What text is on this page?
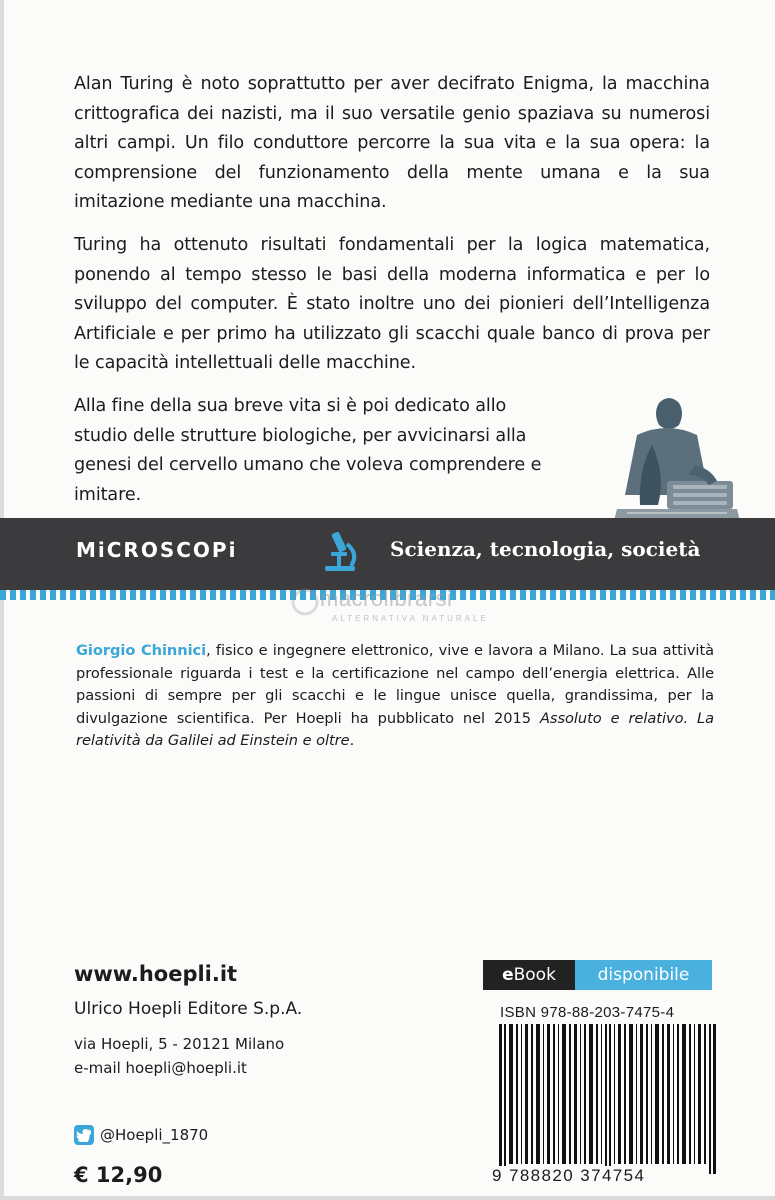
Alan Turing è noto soprattutto per aver decifrato Enigma, la macchina crittografica dei nazisti, ma il suo versatile genio spaziava su numerosi altri campi. Un filo conduttore percorre la sua vita e la sua opera: la comprensione del funzionamento della mente umana e la sua imitazione mediante una macchina.

Turing ha ottenuto risultati fondamentali per la logica matematica, ponendo al tempo stesso le basi della moderna informatica e per lo sviluppo del computer. È stato inoltre uno dei pionieri dell’Intelligenza Artificiale e per primo ha utilizzato gli scacchi quale banco di prova per le capacità intellettuali delle macchine.

Alla fine della sua breve vita si è poi dedicato allo studio delle strutture biologiche, per avvicinarsi alla genesi del cervello umano che voleva comprendere e imitare.

MiCROSCOPi	Scienza, tecnologia, società
macrolibrarsi
ALTERNATIVA NATURALE

Giorgio Chinnici, fisico e ingegnere elettronico, vive e lavora a Milano. La sua attività professionale riguarda i test e la certificazione nel campo dell’energia elettrica. Alle passioni di sempre per gli scacchi e le lingue unisce quella, grandissima, per la divulgazione scientifica. Per Hoepli ha pubblicato nel 2015 Assoluto e relativo. La relatività da Galilei ad Einstein e oltre.

www.hoepli.it

Ulrico Hoepli Editore S.p.A.

via Hoepli, 5 - 20121 Milano

e-mail hoepli@hoepli.it

@Hoepli_1870

€ 12,90

e Book	disponibile
ISBN 978-88-203-7475-4
9 788820 374754
